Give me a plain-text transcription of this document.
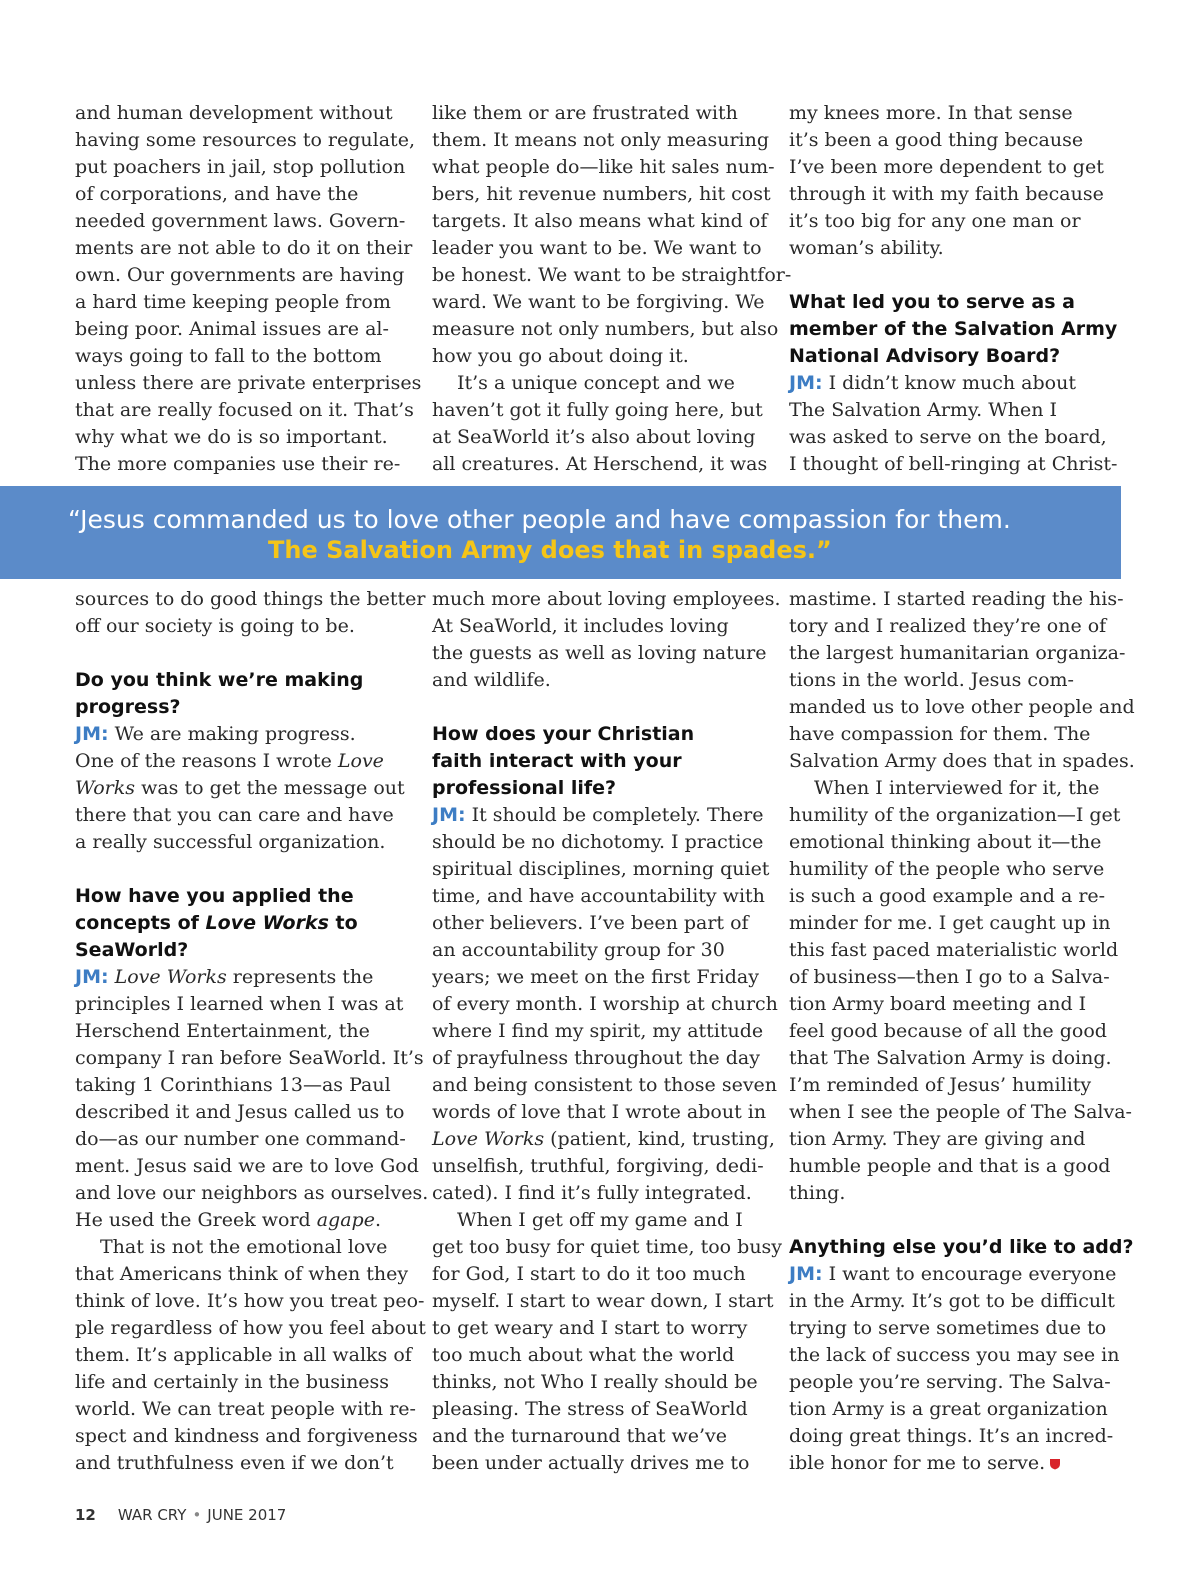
and human development without
having some resources to regulate,
put poachers in jail, stop pollution
of corporations, and have the
needed government laws. Govern-
ments are not able to do it on their
own. Our governments are having
a hard time keeping people from
being poor. Animal issues are al-
ways going to fall to the bottom
unless there are private enterprises
that are really focused on it. That’s
why what we do is so important.
The more companies use their re-
like them or are frustrated with
them. It means not only measuring
what people do—like hit sales num-
bers, hit revenue numbers, hit cost
targets. It also means what kind of
leader you want to be. We want to
be honest. We want to be straightfor-
ward. We want to be forgiving. We
measure not only numbers, but also
how you go about doing it.
It’s a unique concept and we
haven’t got it fully going here, but
at SeaWorld it’s also about loving
all creatures. At Herschend, it was
my knees more. In that sense
it’s been a good thing because
I’ve been more dependent to get
through it with my faith because
it’s too big for any one man or
woman’s ability.
What led you to serve as a
member of the Salvation Army
National Advisory Board?
JM: I didn’t know much about
The Salvation Army. When I
was asked to serve on the board,
I thought of bell-ringing at Christ-
“Jesus commanded us to love other people and have compassion for them.
The Salvation Army does that in spades.”
sources to do good things the better
off our society is going to be.
Do you think we’re making
progress?
JM: We are making progress.
One of the reasons I wrote Love
Works was to get the message out
there that you can care and have
a really successful organization.
How have you applied the
concepts of Love Works to
SeaWorld?
JM: Love Works represents the
principles I learned when I was at
Herschend Entertainment, the
company I ran before SeaWorld. It’s
taking 1 Corinthians 13—as Paul
described it and Jesus called us to
do—as our number one command-
ment. Jesus said we are to love God
and love our neighbors as ourselves.
He used the Greek word agape.
That is not the emotional love
that Americans think of when they
think of love. It’s how you treat peo-
ple regardless of how you feel about
them. It’s applicable in all walks of
life and certainly in the business
world. We can treat people with re-
spect and kindness and forgiveness
and truthfulness even if we don’t
much more about loving employees.
At SeaWorld, it includes loving
the guests as well as loving nature
and wildlife.
How does your Christian
faith interact with your
professional life?
JM: It should be completely. There
should be no dichotomy. I practice
spiritual disciplines, morning quiet
time, and have accountability with
other believers. I’ve been part of
an accountability group for 30
years; we meet on the first Friday
of every month. I worship at church
where I find my spirit, my attitude
of prayfulness throughout the day
and being consistent to those seven
words of love that I wrote about in
Love Works (patient, kind, trusting,
unselfish, truthful, forgiving, dedi-
cated). I find it’s fully integrated.
When I get off my game and I
get too busy for quiet time, too busy
for God, I start to do it too much
myself. I start to wear down, I start
to get weary and I start to worry
too much about what the world
thinks, not Who I really should be
pleasing. The stress of SeaWorld
and the turnaround that we’ve
been under actually drives me to
mastime. I started reading the his-
tory and I realized they’re one of
the largest humanitarian organiza-
tions in the world. Jesus com-
manded us to love other people and
have compassion for them. The
Salvation Army does that in spades.
When I interviewed for it, the
humility of the organization—I get
emotional thinking about it—the
humility of the people who serve
is such a good example and a re-
minder for me. I get caught up in
this fast paced materialistic world
of business—then I go to a Salva-
tion Army board meeting and I
feel good because of all the good
that The Salvation Army is doing.
I’m reminded of Jesus’ humility
when I see the people of The Salva-
tion Army. They are giving and
humble people and that is a good
thing.
Anything else you’d like to add?
JM: I want to encourage everyone
in the Army. It’s got to be difficult
trying to serve sometimes due to
the lack of success you may see in
people you’re serving. The Salva-
tion Army is a great organization
doing great things. It’s an incred-
ible honor for me to serve.
12 WAR CRY • JUNE 2017
